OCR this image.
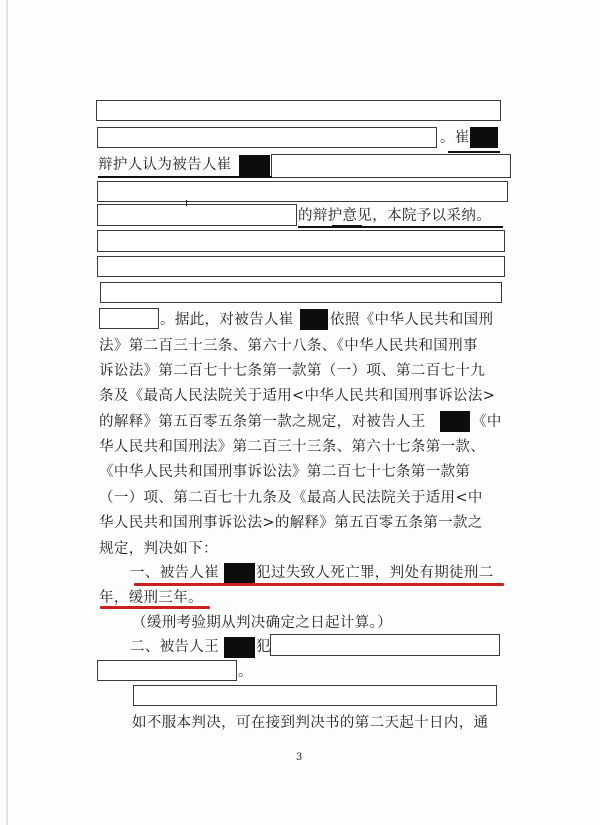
。崔
辩护人认为被告人崔
的辩护意见，本院予以采纳。
。据此，对被告人崔	依照《中华人民共和国刑
法》第二百三十三条、第六十八条、《中华人民共和国刑事
诉讼法》第二百七十七条第一款第（一）项、第二百七十九
条及《最高人民法院关于适用<中华人民共和国刑事诉讼法>
的解释》第五百零五条第一款之规定，对被告人王	《中
华人民共和国刑法》第二百三十三条、第六十七条第一款、
《中华人民共和国刑事诉讼法》第二百七十七条第一款第
（一）项、第二百七十九条及《最高人民法院关于适用<中
华人民共和国刑事诉讼法>的解释》第五百零五条第一款之
规定，判决如下：
一、被告人崔	犯过失致人死亡罪，判处有期徒刑二
年，缓刑三年。
（缓刑考验期从判决确定之日起计算。）
二、被告人王	犯
。
如不服本判决，可在接到判决书的第二天起十日内，通
3
